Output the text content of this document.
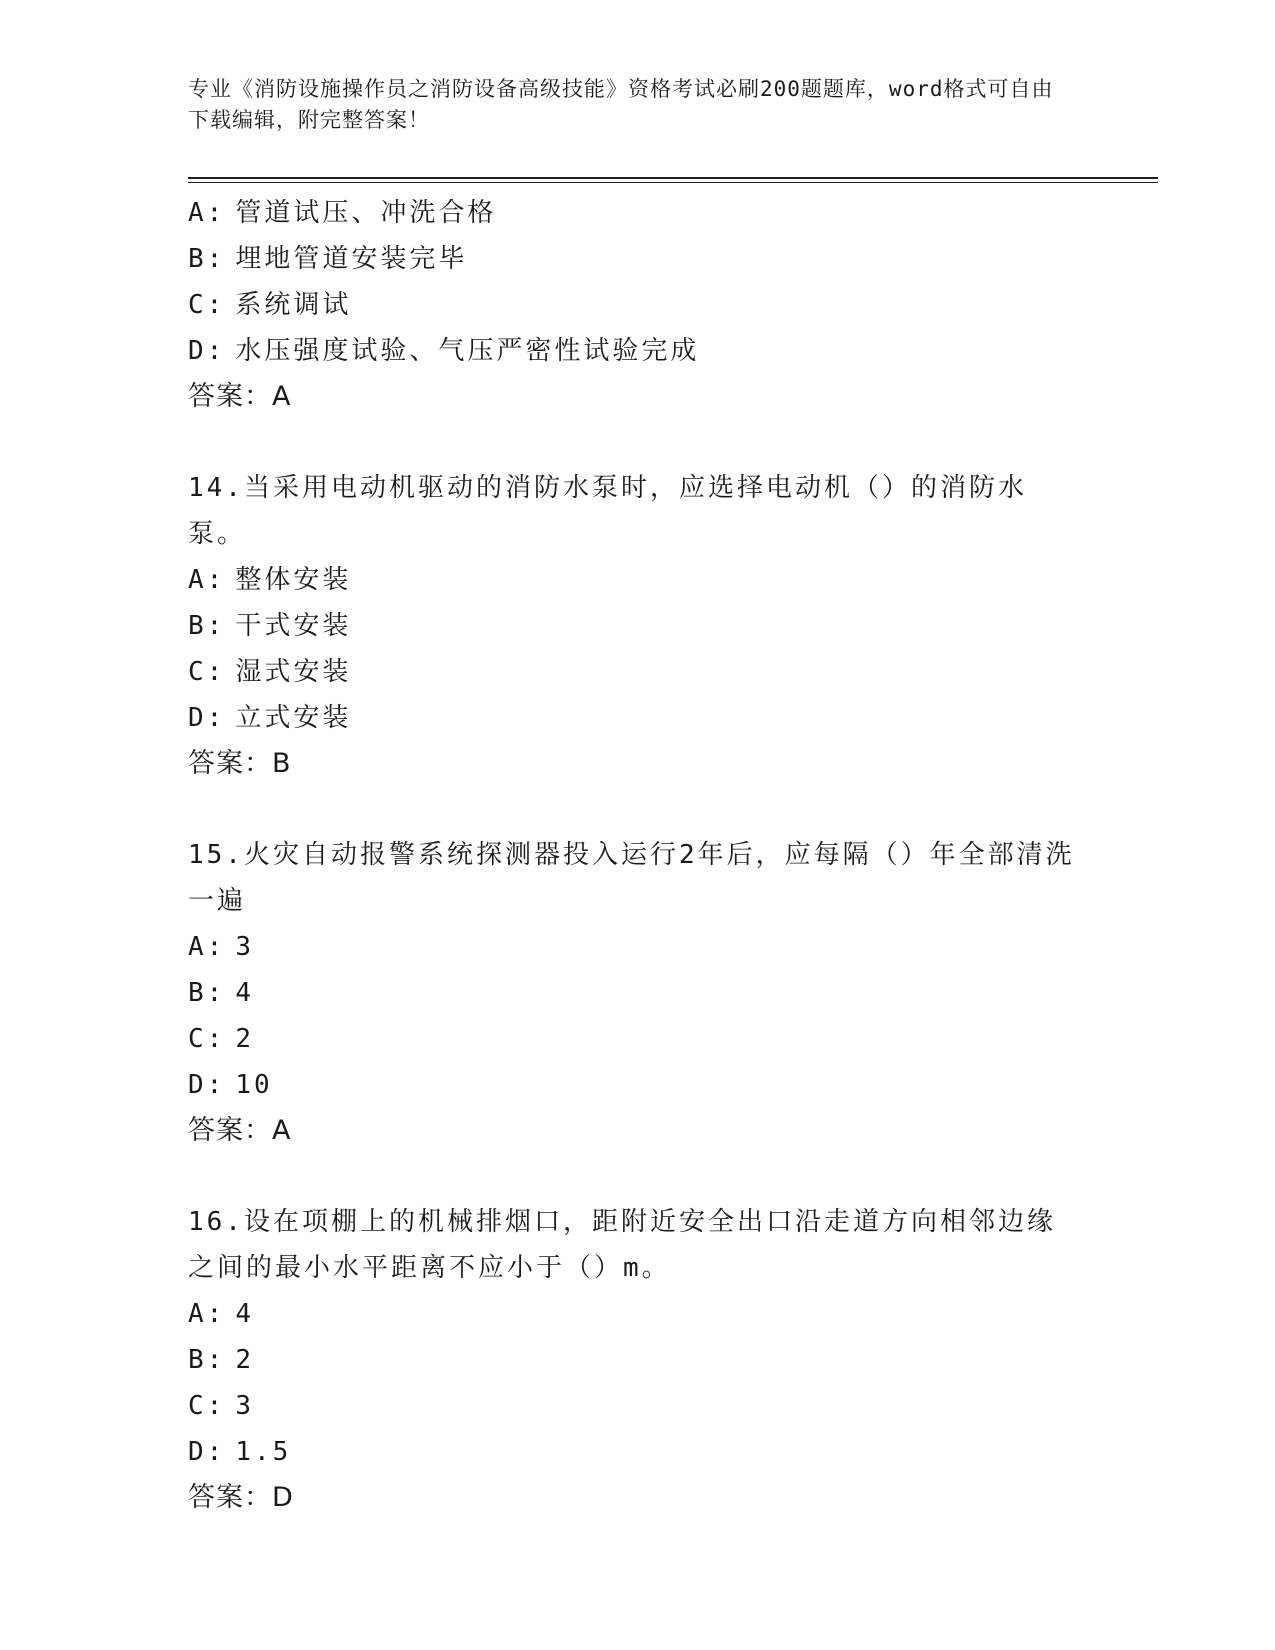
专业《消防设施操作员之消防设备高级技能》资格考试必刷200题题库，word格式可自由下载编辑，附完整答案！
A: 管道试压、冲洗合格
B: 埋地管道安装完毕
C: 系统调试
D: 水压强度试验、气压严密性试验完成
答案：A
14.当采用电动机驱动的消防水泵时，应选择电动机（）的消防水泵。
A: 整体安装
B: 干式安装
C: 湿式安装
D: 立式安装
答案：B
15.火灾自动报警系统探测器投入运行2年后，应每隔（）年全部清洗一遍
A: 3
B: 4
C: 2
D: 10
答案：A
16.设在项棚上的机械排烟口，距附近安全出口沿走道方向相邻边缘之间的最小水平距离不应小于（）m。
A: 4
B: 2
C: 3
D: 1.5
答案：D
